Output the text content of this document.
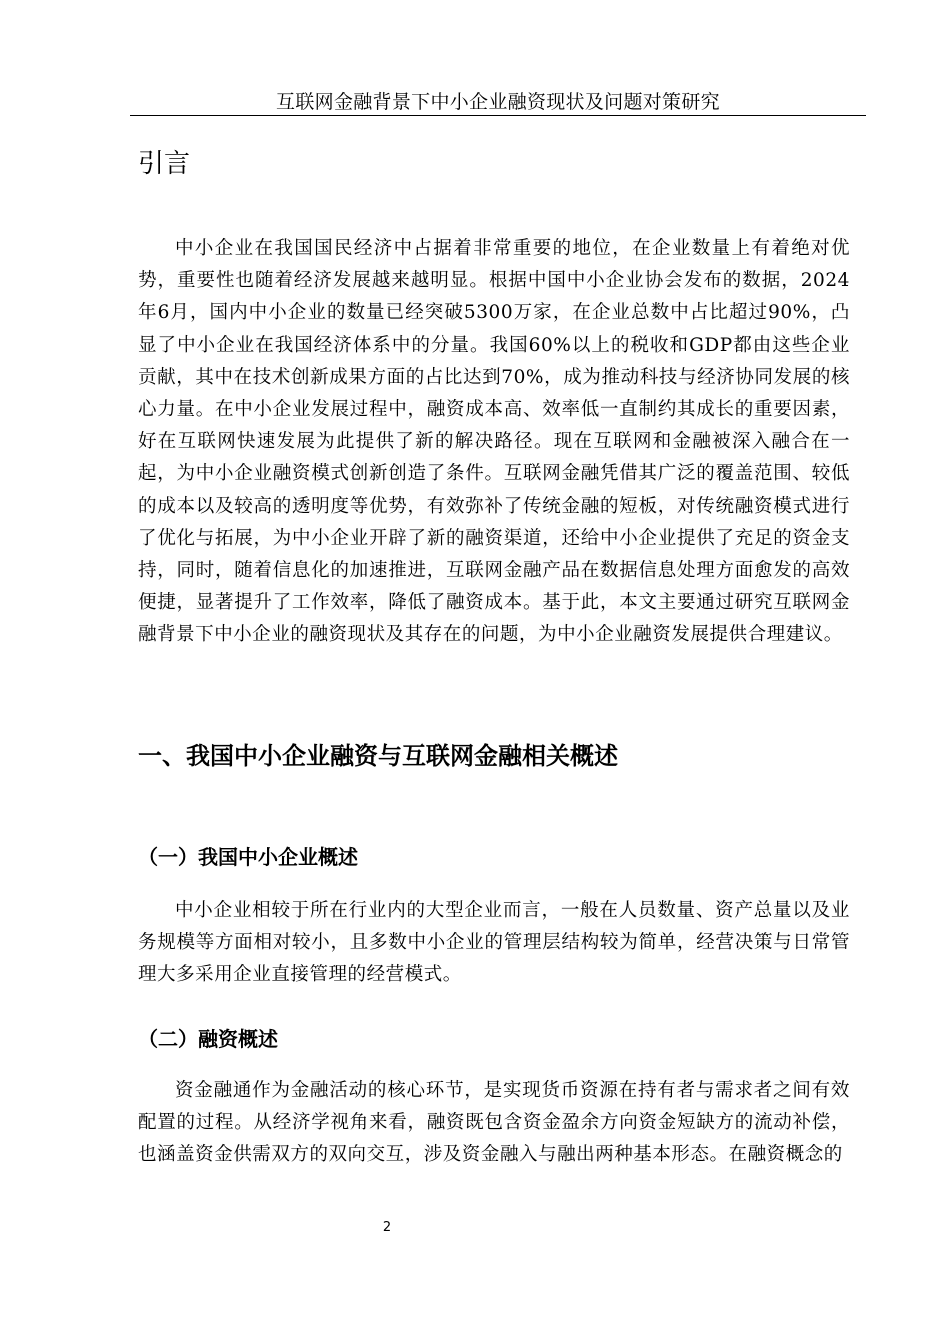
互联网金融背景下中小企业融资现状及问题对策研究
引言

中小企业在我国国民经济中占据着非常重要的地位，在企业数量上有着绝对优势，重要性也随着经济发展越来越明显。根据中国中小企业协会发布的数据，2024年6月，国内中小企业的数量已经突破5300万家，在企业总数中占比超过90%，凸显了中小企业在我国经济体系中的分量。我国60%以上的税收和GDP都由这些企业贡献，其中在技术创新成果方面的占比达到70%，成为推动科技与经济协同发展的核心力量。在中小企业发展过程中，融资成本高、效率低一直制约其成长的重要因素，好在互联网快速发展为此提供了新的解决路径。现在互联网和金融被深入融合在一起，为中小企业融资模式创新创造了条件。互联网金融凭借其广泛的覆盖范围、较低的成本以及较高的透明度等优势，有效弥补了传统金融的短板，对传统融资模式进行了优化与拓展，为中小企业开辟了新的融资渠道，还给中小企业提供了充足的资金支持，同时，随着信息化的加速推进，互联网金融产品在数据信息处理方面愈发的高效便捷，显著提升了工作效率，降低了融资成本。基于此，本文主要通过研究互联网金融背景下中小企业的融资现状及其存在的问题，为中小企业融资发展提供合理建议。

一、我国中小企业融资与互联网金融相关概述
（一）我国中小企业概述

中小企业相较于所在行业内的大型企业而言，一般在人员数量、资产总量以及业务规模等方面相对较小，且多数中小企业的管理层结构较为简单，经营决策与日常管理大多采用企业直接管理的经营模式。

（二）融资概述

资金融通作为金融活动的核心环节，是实现货币资源在持有者与需求者之间有效配置的过程。从经济学视角来看，融资既包含资金盈余方向资金短缺方的流动补偿，也涵盖资金供需双方的双向交互，涉及资金融入与融出两种基本形态。在融资概念的

2
